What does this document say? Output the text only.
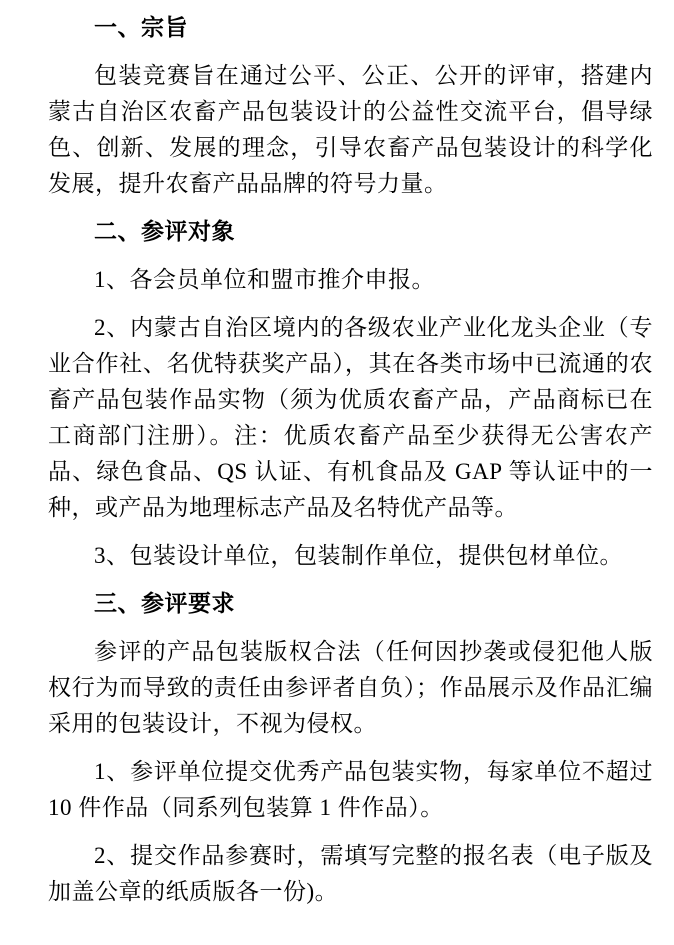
一、宗旨

包装竞赛旨在通过公平、公正、公开的评审，搭建内蒙古自治区农畜产品包装设计的公益性交流平台，倡导绿色、创新、发展的理念，引导农畜产品包装设计的科学化发展，提升农畜产品品牌的符号力量。

二、参评对象

1、各会员单位和盟市推介申报。

2、内蒙古自治区境内的各级农业产业化龙头企业（专业合作社、名优特获奖产品），其在各类市场中已流通的农畜产品包装作品实物（须为优质农畜产品，产品商标已在工商部门注册）。注：优质农畜产品至少获得无公害农产品、绿色食品、QS 认证、有机食品及 GAP 等认证中的一种，或产品为地理标志产品及名特优产品等。

3、包装设计单位，包装制作单位，提供包材单位。

三、参评要求

参评的产品包装版权合法（任何因抄袭或侵犯他人版权行为而导致的责任由参评者自负）；作品展示及作品汇编采用的包装设计，不视为侵权。

1、参评单位提交优秀产品包装实物，每家单位不超过 10 件作品（同系列包装算 1 件作品）。

2、提交作品参赛时，需填写完整的报名表（电子版及加盖公章的纸质版各一份)。
